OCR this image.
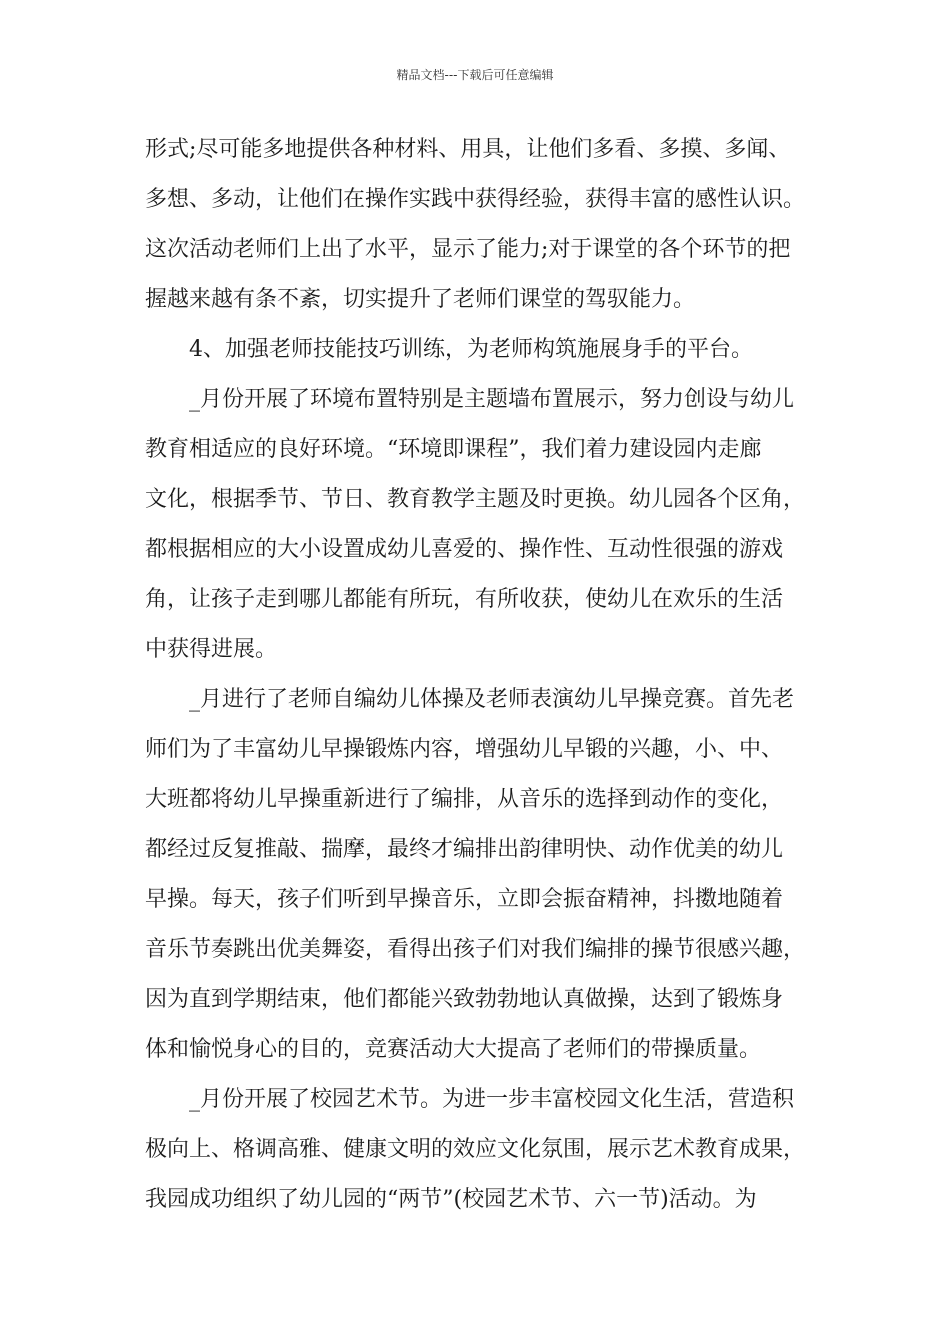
精品文档---下载后可任意编辑
形式;尽可能多地提供各种材料、用具，让他们多看、多摸、多闻、
多想、多动，让他们在操作实践中获得经验，获得丰富的感性认识。
这次活动老师们上出了水平，显示了能力;对于课堂的各个环节的把
握越来越有条不紊，切实提升了老师们课堂的驾驭能力。
4、加强老师技能技巧训练，为老师构筑施展身手的平台。
_月份开展了环境布置特别是主题墙布置展示，努力创设与幼儿
教育相适应的良好环境。“环境即课程”，我们着力建设园内走廊
文化，根据季节、节日、教育教学主题及时更换。幼儿园各个区角，
都根据相应的大小设置成幼儿喜爱的、操作性、互动性很强的游戏
角，让孩子走到哪儿都能有所玩，有所收获，使幼儿在欢乐的生活
中获得进展。
_月进行了老师自编幼儿体操及老师表演幼儿早操竞赛。首先老
师们为了丰富幼儿早操锻炼内容，增强幼儿早锻的兴趣，小、中、
大班都将幼儿早操重新进行了编排，从音乐的选择到动作的变化，
都经过反复推敲、揣摩，最终才编排出韵律明快、动作优美的幼儿
早操。每天，孩子们听到早操音乐，立即会振奋精神，抖擞地随着
音乐节奏跳出优美舞姿，看得出孩子们对我们编排的操节很感兴趣，
因为直到学期结束，他们都能兴致勃勃地认真做操，达到了锻炼身
体和愉悦身心的目的，竞赛活动大大提高了老师们的带操质量。
_月份开展了校园艺术节。为进一步丰富校园文化生活，营造积
极向上、格调高雅、健康文明的效应文化氛围，展示艺术教育成果，
我园成功组织了幼儿园的“两节”(校园艺术节、六一节)活动。为
